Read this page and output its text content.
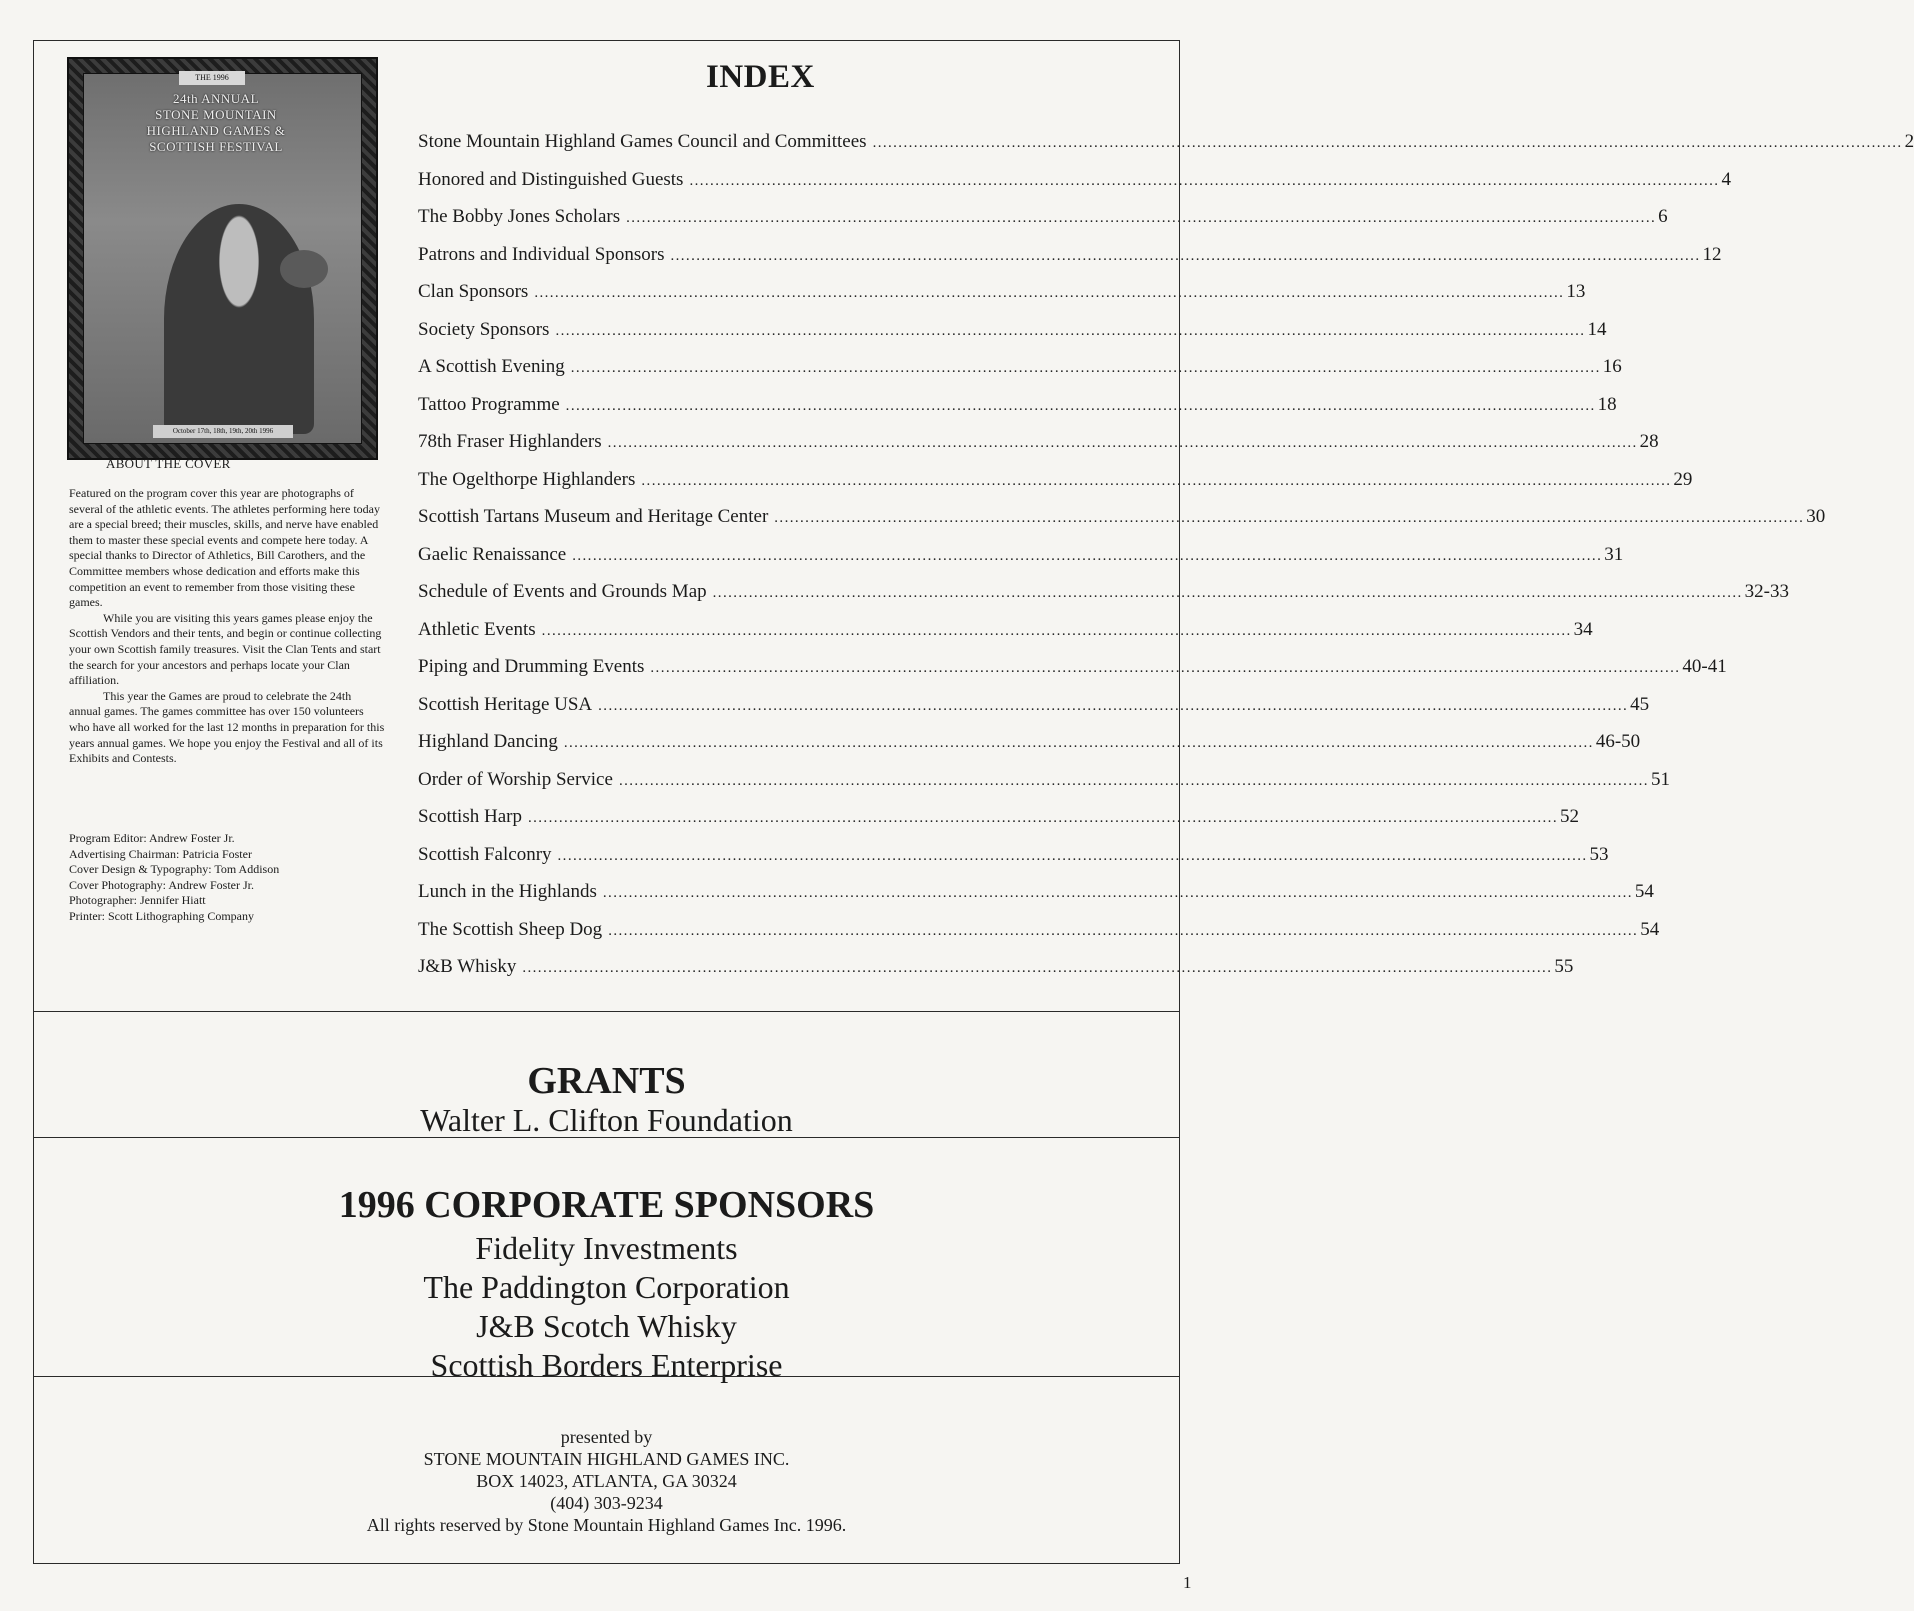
THE 1996
24th ANNUAL
STONE MOUNTAIN
HIGHLAND GAMES &
SCOTTISH FESTIVAL
October 17th, 18th, 19th, 20th 1996
ABOUT THE COVER

Featured on the program cover this year are photographs of several of the athletic events. The athletes performing here today are a special breed; their muscles, skills, and nerve have enabled them to master these special events and compete here today. A special thanks to Director of Athletics, Bill Carothers, and the Committee members whose dedication and efforts make this competition an event to remember from those visiting these games.

While you are visiting this years games please enjoy the Scottish Vendors and their tents, and begin or continue collecting your own Scottish family treasures. Visit the Clan Tents and start the search for your ancestors and perhaps locate your Clan affiliation.

This year the Games are proud to celebrate the 24th annual games. The games committee has over 150 volunteers who have all worked for the last 12 months in preparation for this years annual games. We hope you enjoy the Festival and all of its Exhibits and Contests.

Program Editor: Andrew Foster Jr.
Advertising Chairman: Patricia Foster
Cover Design & Typography: Tom Addison
Cover Photography: Andrew Foster Jr.
Photographer: Jennifer Hiatt
Printer: Scott Lithographing Company
INDEX
Stone Mountain Highland Games Council and Committees ........................................................................................................................................................................................................ 2
Honored and Distinguished Guests ........................................................................................................................................................................................................ 4
The Bobby Jones Scholars ........................................................................................................................................................................................................ 6
Patrons and Individual Sponsors ........................................................................................................................................................................................................ 12
Clan Sponsors ........................................................................................................................................................................................................ 13
Society Sponsors ........................................................................................................................................................................................................ 14
A Scottish Evening ........................................................................................................................................................................................................ 16
Tattoo Programme ........................................................................................................................................................................................................ 18
78th Fraser Highlanders ........................................................................................................................................................................................................ 28
The Ogelthorpe Highlanders ........................................................................................................................................................................................................ 29
Scottish Tartans Museum and Heritage Center ........................................................................................................................................................................................................ 30
Gaelic Renaissance ........................................................................................................................................................................................................ 31
Schedule of Events and Grounds Map ........................................................................................................................................................................................................ 32-33
Athletic Events ........................................................................................................................................................................................................ 34
Piping and Drumming Events ........................................................................................................................................................................................................ 40-41
Scottish Heritage USA ........................................................................................................................................................................................................ 45
Highland Dancing ........................................................................................................................................................................................................ 46-50
Order of Worship Service ........................................................................................................................................................................................................ 51
Scottish Harp ........................................................................................................................................................................................................ 52
Scottish Falconry ........................................................................................................................................................................................................ 53
Lunch in the Highlands ........................................................................................................................................................................................................ 54
The Scottish Sheep Dog ........................................................................................................................................................................................................ 54
J&B Whisky ........................................................................................................................................................................................................ 55
GRANTS
Walter L. Clifton Foundation
1996 CORPORATE SPONSORS
Fidelity Investments
The Paddington Corporation
J&B Scotch Whisky
Scottish Borders Enterprise
presented by
STONE MOUNTAIN HIGHLAND GAMES INC.
BOX 14023, ATLANTA, GA 30324
(404) 303-9234
All rights reserved by Stone Mountain Highland Games Inc. 1996.
1
